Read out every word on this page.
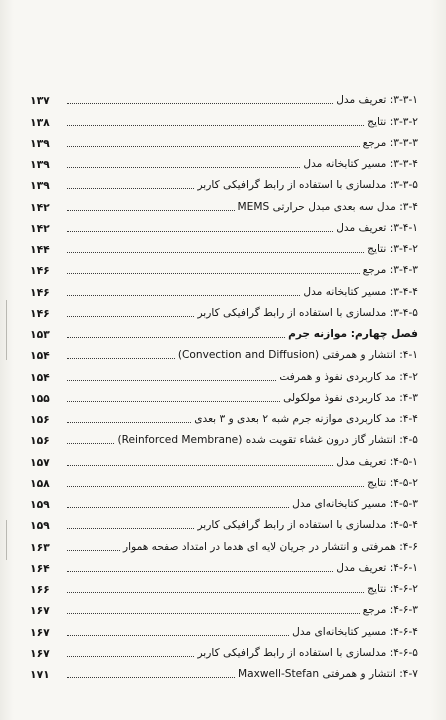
۱۳۷	۳-۳-۱: تعریف مدل
۱۳۸	۳-۳-۲: نتایج
۱۳۹	۳-۳-۳: مرجع
۱۳۹	۳-۳-۴: مسیر کتابخانه مدل
۱۳۹	۳-۳-۵: مدلسازی با استفاده از رابط گرافیکی کاربر
۱۴۲	۳-۴: مدل سه بعدی مبدل حرارتی MEMS
۱۴۲	۳-۴-۱: تعریف مدل
۱۴۴	۳-۴-۲: نتایج
۱۴۶	۳-۴-۳: مرجع
۱۴۶	۳-۴-۴: مسیر کتابخانه مدل
۱۴۶	۳-۴-۵: مدلسازی با استفاده از رابط گرافیکی کاربر
۱۵۳	فصل چهارم: موازنه جرم
۱۵۴	۴-۱: انتشار و همرفتی (Convection and Diffusion)
۱۵۴	۴-۲: مد کاربردی نفوذ و همرفت
۱۵۵	۴-۳: مد کاربردی نفوذ مولکولی
۱۵۶	۴-۴: مد کاربردی موازنه جرم شبه ۲ بعدی و ۳ بعدی
۱۵۶	۴-۵: انتشار گاز درون غشاء تقویت شده (Reinforced Membrane)
۱۵۷	۴-۵-۱: تعریف مدل
۱۵۸	۴-۵-۲: نتایج
۱۵۹	۴-۵-۳: مسیر کتابخانه‌ای مدل
۱۵۹	۴-۵-۴: مدلسازی با استفاده از رابط گرافیکی کاربر
۱۶۳	۴-۶: همرفتی و انتشار در جریان لایه ای هدما در امتداد صفحه هموار
۱۶۴	۴-۶-۱: تعریف مدل
۱۶۶	۴-۶-۲: نتایج
۱۶۷	۴-۶-۳: مرجع
۱۶۷	۴-۶-۴: مسیر کتابخانه‌ای مدل
۱۶۷	۴-۶-۵: مدلسازی با استفاده از رابط گرافیکی کاربر
۱۷۱	۴-۷: انتشار و همرفتی Maxwell-Stefan
